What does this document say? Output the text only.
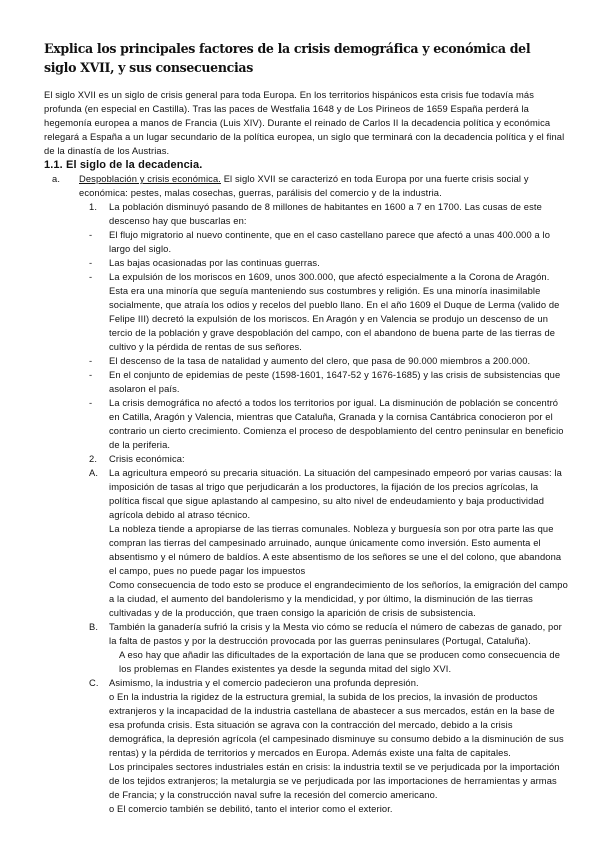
Explica los principales factores de la crisis demográfica y económica del siglo XVII, y sus consecuencias

El siglo XVII es un siglo de crisis general para toda Europa. En los territorios hispánicos esta crisis fue todavía más profunda (en especial en Castilla). Tras las paces de Westfalia 1648 y de Los Pirineos de 1659 España perderá la hegemonía europea a manos de Francia (Luis XIV). Durante el reinado de Carlos II la decadencia política y económica relegará a España a un lugar secundario de la política europea, un siglo que terminará con la decadencia política y el final de la dinastía de los Austrias.

1.1. El siglo de la decadencia.

a.	Despoblación y crisis económica. El siglo XVII se caracterizó en toda Europa por una fuerte crisis social y económica: pestes, malas cosechas, guerras, parálisis del comercio y de la industria.
1.	La población disminuyó pasando de 8 millones de habitantes en 1600 a 7 en 1700. Las cusas de este descenso hay que buscarlas en:
-	El flujo migratorio al nuevo continente, que en el caso castellano parece que afectó a unas 400.000 a lo largo del siglo.
-	Las bajas ocasionadas por las continuas guerras.
-	La expulsión de los moriscos en 1609, unos 300.000, que afectó especialmente a la Corona de Aragón. Esta era una minoría que seguía manteniendo sus costumbres y religión. Es una minoría inasimilable socialmente, que atraía los odios y recelos del pueblo llano. En el año 1609 el Duque de Lerma (valido de Felipe III) decretó la expulsión de los moriscos. En Aragón y en Valencia se produjo un descenso de un tercio de la población y grave despoblación del campo, con el abandono de buena parte de las tierras de cultivo y la pérdida de rentas de sus señores.
-	El descenso de la tasa de natalidad y aumento del clero, que pasa de 90.000 miembros a 200.000.
-	En el conjunto de epidemias de peste (1598-1601, 1647-52 y 1676-1685) y las crisis de subsistencias que asolaron el país.
-	La crisis demográfica no afectó a todos los territorios por igual. La disminución de población se concentró en Catilla, Aragón y Valencia, mientras que Cataluña, Granada y la cornisa Cantábrica conocieron por el contrario un cierto crecimiento. Comienza el proceso de despoblamiento del centro peninsular en beneficio de la periferia.
2.	Crisis económica:
A.	La agricultura empeoró su precaria situación. La situación del campesinado empeoró por varias causas: la imposición de tasas al trigo que perjudicarán a los productores, la fijación de los precios agrícolas, la política fiscal que sigue aplastando al campesino, su alto nivel de endeudamiento y baja productividad agrícola debido al atraso técnico.

La nobleza tiende a apropiarse de las tierras comunales. Nobleza y burguesía son por otra parte las que compran las tierras del campesinado arruinado, aunque únicamente como inversión. Esto aumenta el absentismo y el número de baldíos. A este absentismo de los señores se une el del colono, que abandona el campo, pues no puede pagar los impuestos

Como consecuencia de todo esto se produce el engrandecimiento de los señoríos, la emigración del campo a la ciudad, el aumento del bandolerismo y la mendicidad, y por último, la disminución de las tierras cultivadas y de la producción, que traen consigo la aparición de crisis de subsistencia.

B.	También la ganadería sufrió la crisis y la Mesta vio cómo se reducía el número de cabezas de ganado, por la falta de pastos y por la destrucción provocada por las guerras peninsulares (Portugal, Cataluña).

A eso hay que añadir las dificultades de la exportación de lana que se producen como consecuencia de los problemas en Flandes existentes ya desde la segunda mitad del siglo XVI.

C.	Asimismo, la industria y el comercio padecieron una profunda depresión.

o En la industria la rigidez de la estructura gremial, la subida de los precios, la invasión de productos extranjeros y la incapacidad de la industria castellana de abastecer a sus mercados, están en la base de esa profunda crisis. Esta situación se agrava con la contracción del mercado, debido a la crisis demográfica, la depresión agrícola (el campesinado disminuye su consumo debido a la disminución de sus rentas) y la pérdida de territorios y mercados en Europa. Además existe una falta de capitales.

Los principales sectores industriales están en crisis: la industria textil se ve perjudicada por la importación de los tejidos extranjeros; la metalurgia se ve perjudicada por las importaciones de herramientas y armas de Francia; y la construcción naval sufre la recesión del comercio americano.

o El comercio también se debilitó, tanto el interior como el exterior.
